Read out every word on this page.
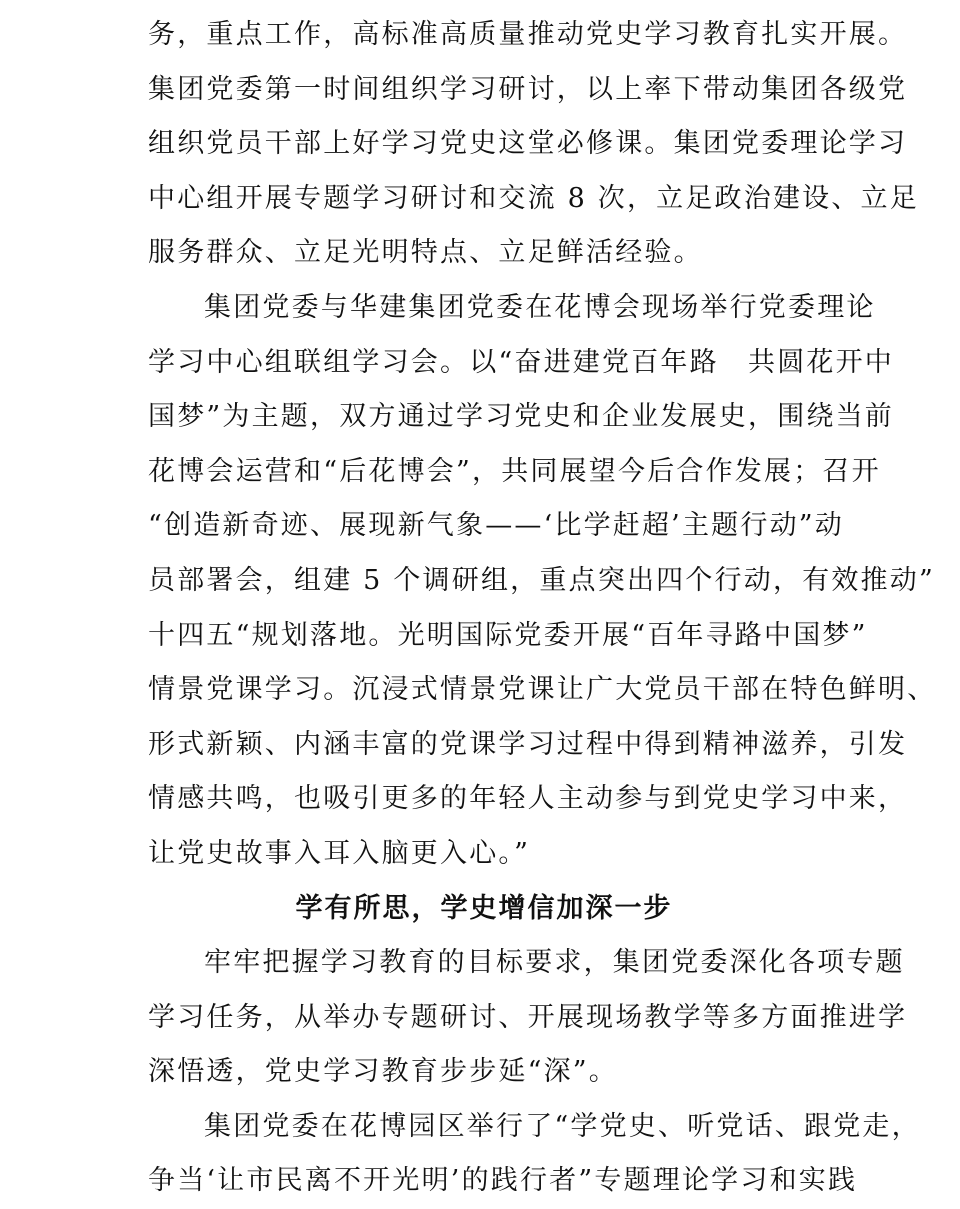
务，重点工作，高标准高质量推动党史学习教育扎实开展。
集团党委第一时间组织学习研讨，以上率下带动集团各级党
组织党员干部上好学习党史这堂必修课。集团党委理论学习
中心组开展专题学习研讨和交流 8 次，立足政治建设、立足
服务群众、立足光明特点、立足鲜活经验。
集团党委与华建集团党委在花博会现场举行党委理论
学习中心组联组学习会。以“奋进建党百年路　共圆花开中
国梦”为主题，双方通过学习党史和企业发展史，围绕当前
花博会运营和“后花博会”，共同展望今后合作发展；召开
“创造新奇迹、展现新气象——‘比学赶超’主题行动”动
员部署会，组建 5 个调研组，重点突出四个行动，有效推动”
十四五“规划落地。光明国际党委开展“百年寻路中国梦”
情景党课学习。沉浸式情景党课让广大党员干部在特色鲜明、
形式新颖、内涵丰富的党课学习过程中得到精神滋养，引发
情感共鸣，也吸引更多的年轻人主动参与到党史学习中来，
让党史故事入耳入脑更入心。”
学有所思，学史增信加深一步
牢牢把握学习教育的目标要求，集团党委深化各项专题
学习任务，从举办专题研讨、开展现场教学等多方面推进学
深悟透，党史学习教育步步延“深”。
集团党委在花博园区举行了“学党史、听党话、跟党走，
争当‘让市民离不开光明’的践行者”专题理论学习和实践
